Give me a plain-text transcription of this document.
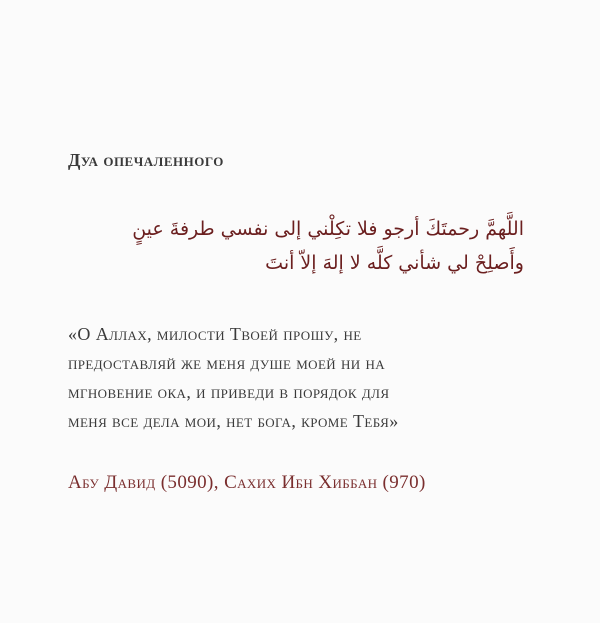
Дуа опечаленного
اللَّهمَّ رحمتَكَ أرجو فلا تكِلْني إلى نفسي طرفةَ عينٍ
وأَصلِحْ لي شأني كلَّه لا إلهَ إلاّ أنتَ
«О Аллах, милости Твоей прошу, не
предоставляй же меня душе моей ни на
мгновение ока, и приведи в порядок для
меня все дела мои, нет бога, кроме Тебя»
Абу Давид (5090), Сахих Ибн Хиббан (970)
